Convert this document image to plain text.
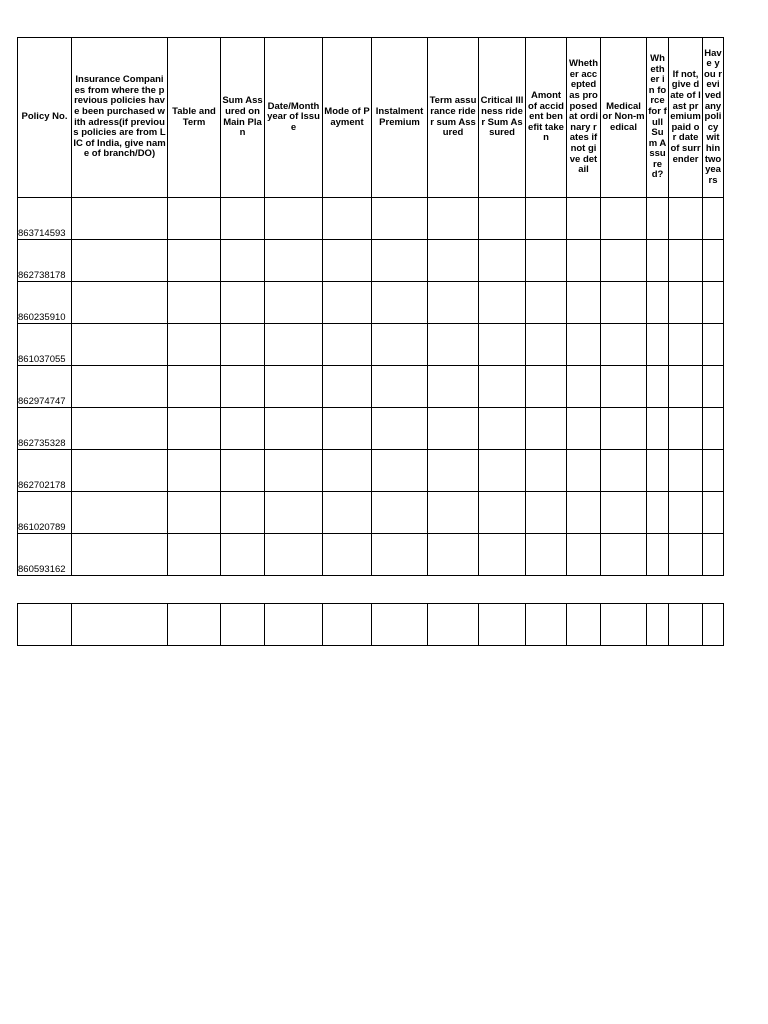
Policy No.	Insurance Companies from where the previous policies have been purchased with adress(if previous policies are from LIC of India, give name of branch/DO)	Table and Term	Sum Assured on Main Plan	Date/Month year of Issue	Mode of Payment	Instalment Premium	Term assurance rider sum Assured	Critical Illness rider Sum Assured	Amont of accident benefit taken	Whether accepted as proposed at ordinary rates if not give detail	Medical or Non-medical	Whether in force for full Sum Assured?	If not, give date of last premium paid or date of surrender	Have you revived any policy within two years

863714593														
862738178														
860235910														
861037055														
862974747														
862735328														
862702178														
861020789														
860593162														
